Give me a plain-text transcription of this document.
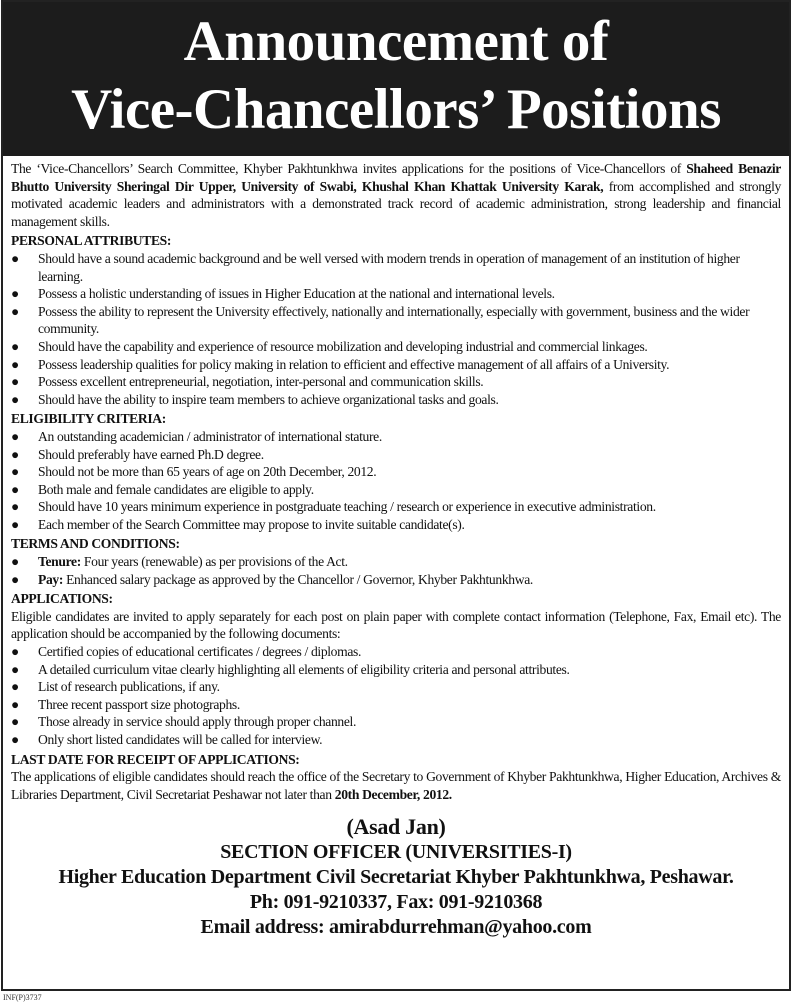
Announcement of
Vice-Chancellors’ Positions

The ‘Vice-Chancellors’ Search Committee, Khyber Pakhtunkhwa invites applications for the positions of Vice-Chancellors of Shaheed Benazir Bhutto University Sheringal Dir Upper, University of Swabi, Khushal Khan Khattak University Karak, from accomplished and strongly motivated academic leaders and administrators with a demonstrated track record of academic administration, strong leadership and financial management skills.

PERSONAL ATTRIBUTES:
● Should have a sound academic background and be well versed with modern trends in operation of management of an institution of higher learning.
● Possess a holistic understanding of issues in Higher Education at the national and international levels.
● Possess the ability to represent the University effectively, nationally and internationally, especially with government, business and the wider community.
● Should have the capability and experience of resource mobilization and developing industrial and commercial linkages.
● Possess leadership qualities for policy making in relation to efficient and effective management of all affairs of a University.
● Possess excellent entrepreneurial, negotiation, inter-personal and communication skills.
● Should have the ability to inspire team members to achieve organizational tasks and goals.
ELIGIBILITY CRITERIA:
● An outstanding academician / administrator of international stature.
● Should preferably have earned Ph.D degree.
● Should not be more than 65 years of age on 20th December, 2012.
● Both male and female candidates are eligible to apply.
● Should have 10 years minimum experience in postgraduate teaching / research or experience in executive administration.
● Each member of the Search Committee may propose to invite suitable candidate(s).
TERMS AND CONDITIONS:
● Tenure: Four years (renewable) as per provisions of the Act.
● Pay: Enhanced salary package as approved by the Chancellor / Governor, Khyber Pakhtunkhwa.
APPLICATIONS:

Eligible candidates are invited to apply separately for each post on plain paper with complete contact information (Telephone, Fax, Email etc). The application should be accompanied by the following documents:

● Certified copies of educational certificates / degrees / diplomas.
● A detailed curriculum vitae clearly highlighting all elements of eligibility criteria and personal attributes.
● List of research publications, if any.
● Three recent passport size photographs.
● Those already in service should apply through proper channel.
● Only short listed candidates will be called for interview.
LAST DATE FOR RECEIPT OF APPLICATIONS:

The applications of eligible candidates should reach the office of the Secretary to Government of Khyber Pakhtunkhwa, Higher Education, Archives & Libraries Department, Civil Secretariat Peshawar not later than 20th December, 2012.

(Asad Jan)
SECTION OFFICER (UNIVERSITIES-I)
Higher Education Department Civil Secretariat Khyber Pakhtunkhwa, Peshawar.
Ph: 091-9210337, Fax: 091-9210368
Email address: amirabdurrehman@yahoo.com
INF(P)3737
